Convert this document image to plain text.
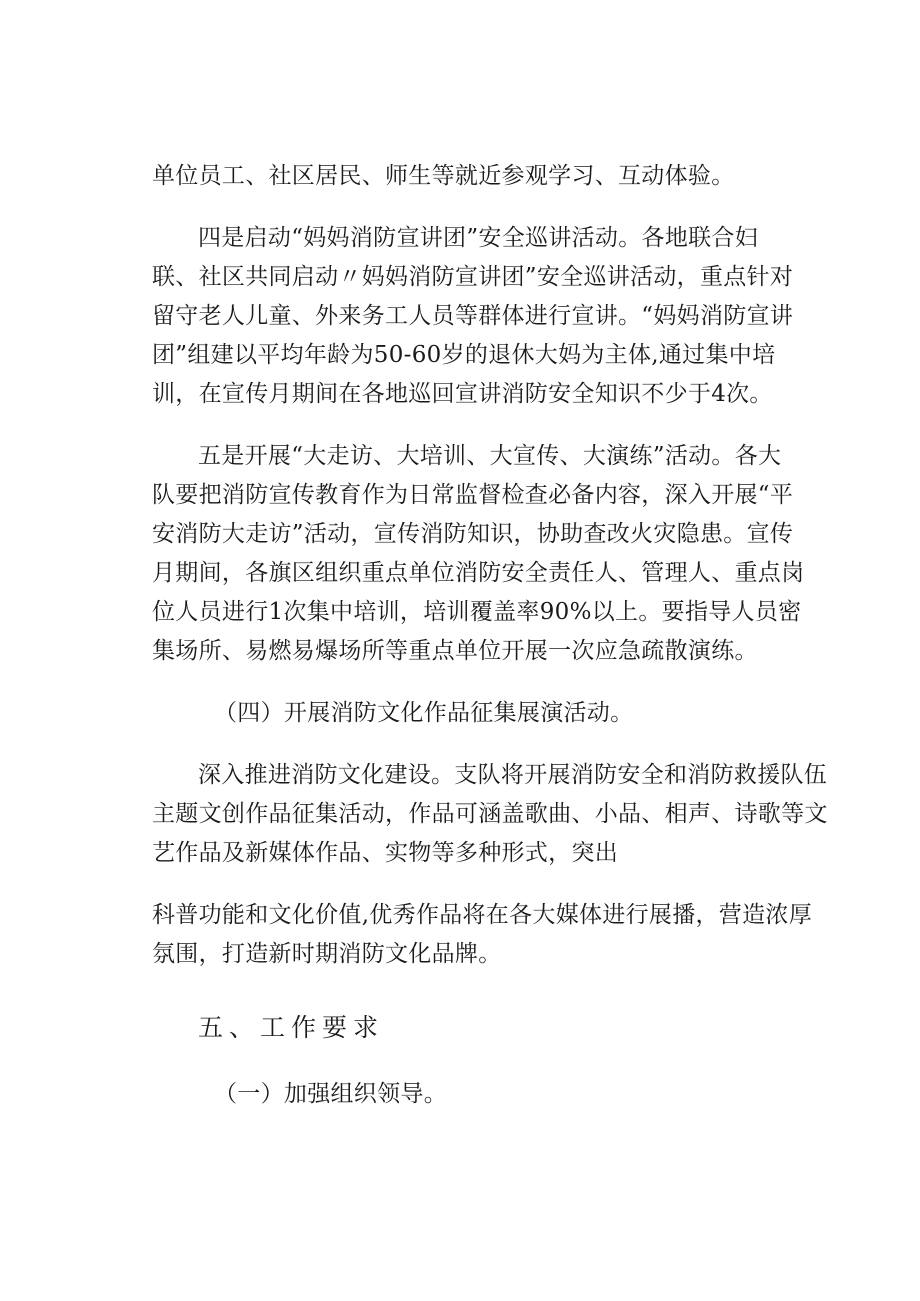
单位员工、社区居民、师生等就近参观学习、互动体验。
四是启动“妈妈消防宣讲团”安全巡讲活动。各地联合妇
联、社区共同启动〃妈妈消防宣讲团”安全巡讲活动，重点针对
留守老人儿童、外来务工人员等群体进行宣讲。“妈妈消防宣讲
团”组建以平均年龄为50-60岁的退休大妈为主体,通过集中培
训，在宣传月期间在各地巡回宣讲消防安全知识不少于4次。
五是开展“大走访、大培训、大宣传、大演练”活动。各大
队要把消防宣传教育作为日常监督检查必备内容，深入开展“平
安消防大走访”活动，宣传消防知识，协助查改火灾隐患。宣传
月期间，各旗区组织重点单位消防安全责任人、管理人、重点岗
位人员进行1次集中培训，培训覆盖率90%以上。要指导人员密
集场所、易燃易爆场所等重点单位开展一次应急疏散演练。
（四）开展消防文化作品征集展演活动。
深入推进消防文化建设。支队将开展消防安全和消防救援队伍
主题文创作品征集活动，作品可涵盖歌曲、小品、相声、诗歌等文
艺作品及新媒体作品、实物等多种形式，突出
科普功能和文化价值,优秀作品将在各大媒体进行展播，营造浓厚
氛围，打造新时期消防文化品牌。
五、工作要求
（一）加强组织领导。
